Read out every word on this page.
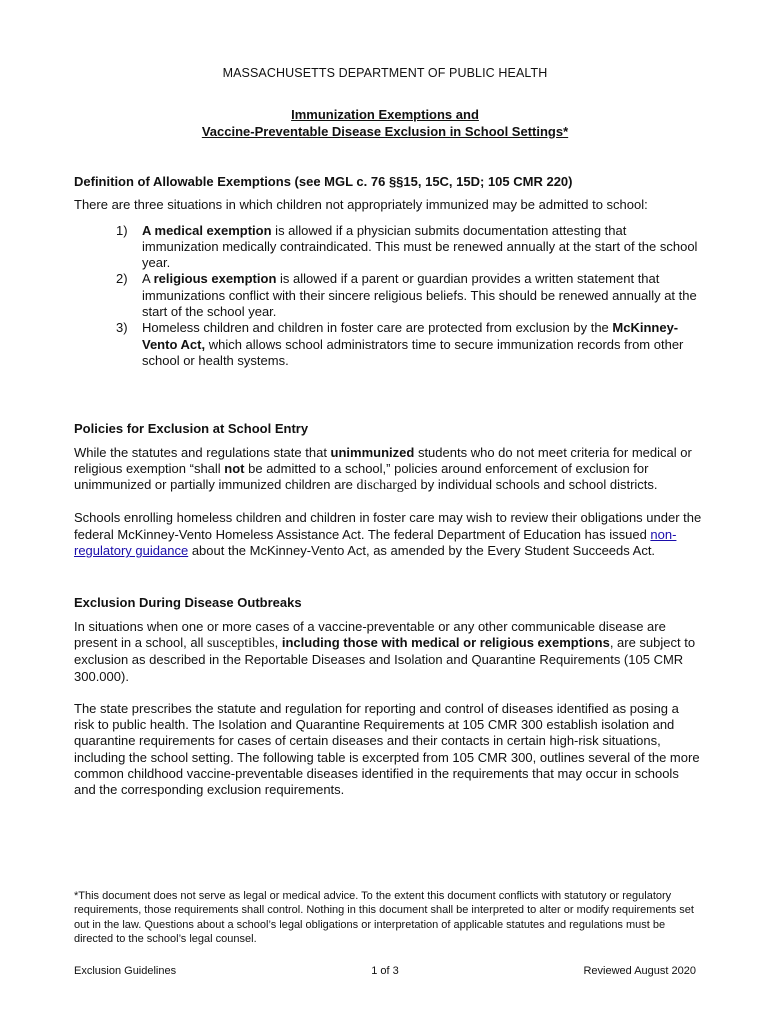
MASSACHUSETTS DEPARTMENT OF PUBLIC HEALTH
Immunization Exemptions and
Vaccine-Preventable Disease Exclusion in School Settings*
Definition of Allowable Exemptions (see MGL c. 76 §§15, 15C, 15D; 105 CMR 220)

There are three situations in which children not appropriately immunized may be admitted to school:

1) A medical exemption is allowed if a physician submits documentation attesting that immunization medically contraindicated. This must be renewed annually at the start of the school year.
2) A religious exemption is allowed if a parent or guardian provides a written statement that immunizations conflict with their sincere religious beliefs. This should be renewed annually at the start of the school year.
3) Homeless children and children in foster care are protected from exclusion by the McKinney-Vento Act, which allows school administrators time to secure immunization records from other school or health systems.
Policies for Exclusion at School Entry

While the statutes and regulations state that unimmunized students who do not meet criteria for medical or religious exemption “shall not be admitted to a school,” policies around enforcement of exclusion for unimmunized or partially immunized children are discharged by individual schools and school districts.

Schools enrolling homeless children and children in foster care may wish to review their obligations under the federal McKinney-Vento Homeless Assistance Act. The federal Department of Education has issued non-regulatory guidance about the McKinney-Vento Act, as amended by the Every Student Succeeds Act.

Exclusion During Disease Outbreaks

In situations when one or more cases of a vaccine-preventable or any other communicable disease are present in a school, all susceptibles, including those with medical or religious exemptions, are subject to exclusion as described in the Reportable Diseases and Isolation and Quarantine Requirements (105 CMR 300.000).

The state prescribes the statute and regulation for reporting and control of diseases identified as posing a risk to public health. The Isolation and Quarantine Requirements at 105 CMR 300 establish isolation and quarantine requirements for cases of certain diseases and their contacts in certain high-risk situations, including the school setting. The following table is excerpted from 105 CMR 300, outlines several of the more common childhood vaccine-preventable diseases identified in the requirements that may occur in schools and the corresponding exclusion requirements.

*This document does not serve as legal or medical advice. To the extent this document conflicts with statutory or regulatory requirements, those requirements shall control. Nothing in this document shall be interpreted to alter or modify requirements set out in the law. Questions about a school’s legal obligations or interpretation of applicable statutes and regulations must be directed to the school’s legal counsel.
Exclusion Guidelines	1 of 3	Reviewed August 2020
